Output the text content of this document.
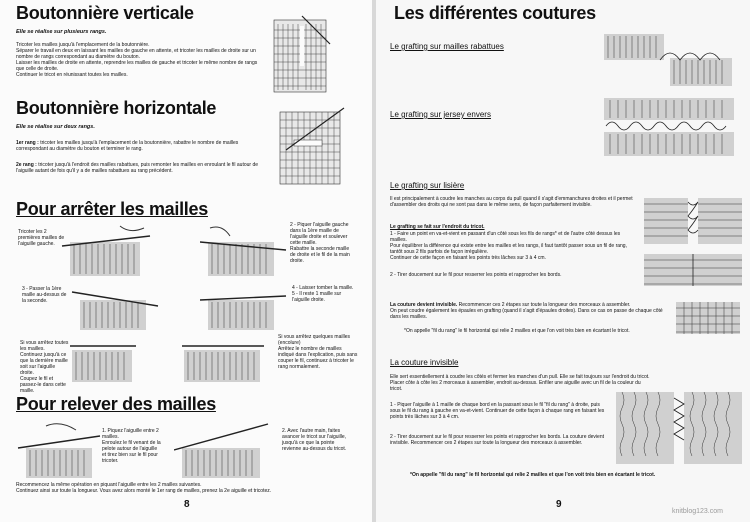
Boutonnière verticale
Elle se réalise sur plusieurs rangs.
Tricoter les mailles jusqu'à l'emplacement de la boutonnière.
Séparer le travail en deux en laissant les mailles de gauche en attente, et tricoter les mailles de droite sur un nombre de rangs correspondant au diamètre du bouton.
Laisser les mailles de droite en attente, reprendre les mailles de gauche et tricoter le même nombre de rangs que celle de droite.
Continuer le tricot en réunissant toutes les mailles.
Boutonnière horizontale
Elle se réalise sur deux rangs.
1er rang : tricoter les mailles jusqu'à l'emplacement de la boutonnière, rabattre le nombre de mailles correspondant au diamètre du bouton et terminer le rang.
2e rang : tricoter jusqu'à l'endroit des mailles rabattues, puis remonter les mailles en enroulant le fil autour de l'aiguille autant de fois qu'il y a de mailles rabattues au rang précédent.
Pour arrêter les mailles
Tricoter les 2 premières mailles de l'aiguille gauche.
2 - Piquer l'aiguille gauche dans la 1ère maille de l'aiguille droite et soulever cette maille.
Rabattre la seconde maille de droite et le fil de la main droite.
3 - Passer la 1ère maille au-dessus de la seconde.
4 - Laisser tomber la maille.
5 - Il reste 1 maille sur l'aiguille droite.
Si vous arrêtez toutes les mailles.
Continuez jusqu'à ce que la dernière maille soit sur l'aiguille droite.
Coupez le fil et passez-le dans cette maille.
Si vous arrêtez quelques mailles (encolure)
Arrêtez le nombre de mailles indiqué dans l'explication, puis sans couper le fil, continuez à tricoter le rang normalement.
Pour relever des mailles
1. Piquez l'aiguille entre 2 mailles.
Enroulez le fil venant de la pelote autour de l'aiguille
et tirez bien sur le fil pour tricoter.
2. Avec l'autre main, faites avancer le tricot sur l'aiguille, jusqu'à ce que la pointe revienne au-dessus du tricot.
Recommencez la même opération en piquant l'aiguille entre les 2 mailles suivantes.
Continuez ainsi sur toute la longueur. Vous avez alors monté le 1er rang de mailles, prenez la 2e aiguille et tricotez.
8
Les différentes coutures
Le grafting sur mailles rabattues
Le grafting sur jersey envers
Le grafting sur lisière
Il est principalement à coudre les manches au corps du pull quand il s'agit d'emmanchures droites et il permet d'assembler des droits qui ne sont pas dans le même sens, de façon parfaitement invisible.
Le grafting se fait sur l'endroit du tricot.
1 - Faire un point en va-et-vient en passant d'un côté sous les fils de rangs* et de l'autre côté dessus les mailles.
Pour équilibrer la différence qui existe entre les mailles et les rangs, il faut tantôt passer sous un fil de rang, tantôt sous 2 fils parfois de façon irrégulière.
Continuer de cette façon en faisant les points très lâches sur 3 à 4 cm.
2 - Tirer doucement sur le fil pour resserrer les points et rapprocher les bords.
La couture devient invisible. Recommencer ces 2 étapes sur toute la longueur des morceaux à assembler.
On peut coudre également les épaules en grafting (quand il s'agit d'épaules droites). Dans ce cas on passe de chaque côté dans les mailles.
*On appelle "fil du rang" le fil horizontal qui relie 2 mailles et que l'on voit très bien en écartant le tricot.
La couture invisible
Elle sert essentiellement à coudre les côtés et fermer les manches d'un pull. Elle se fait toujours sur l'endroit du tricot. Placer côte à côte les 2 morceaux à assembler, endroit au-dessus. Enfiler une aiguille avec un fil de la couleur du tricot.
1 - Piquer l'aiguille à 1 maille de chaque bord en la passant sous le fil "fil du rang" à droite, puis sous le fil du rang à gauche en va-et-vient. Continuer de cette façon à chaque rang en faisant les points très lâches sur 3 à 4 cm.
2 - Tirer doucement sur le fil pour resserrer les points et rapprocher les bords. La couture devient invisible. Recommencer ces 2 étapes sur toute la longueur des morceaux à assembler.
*On appelle "fil du rang" le fil horizontal qui relie 2 mailles et que l'on voit très bien en écartant le tricot.
9
knitblog123.com
